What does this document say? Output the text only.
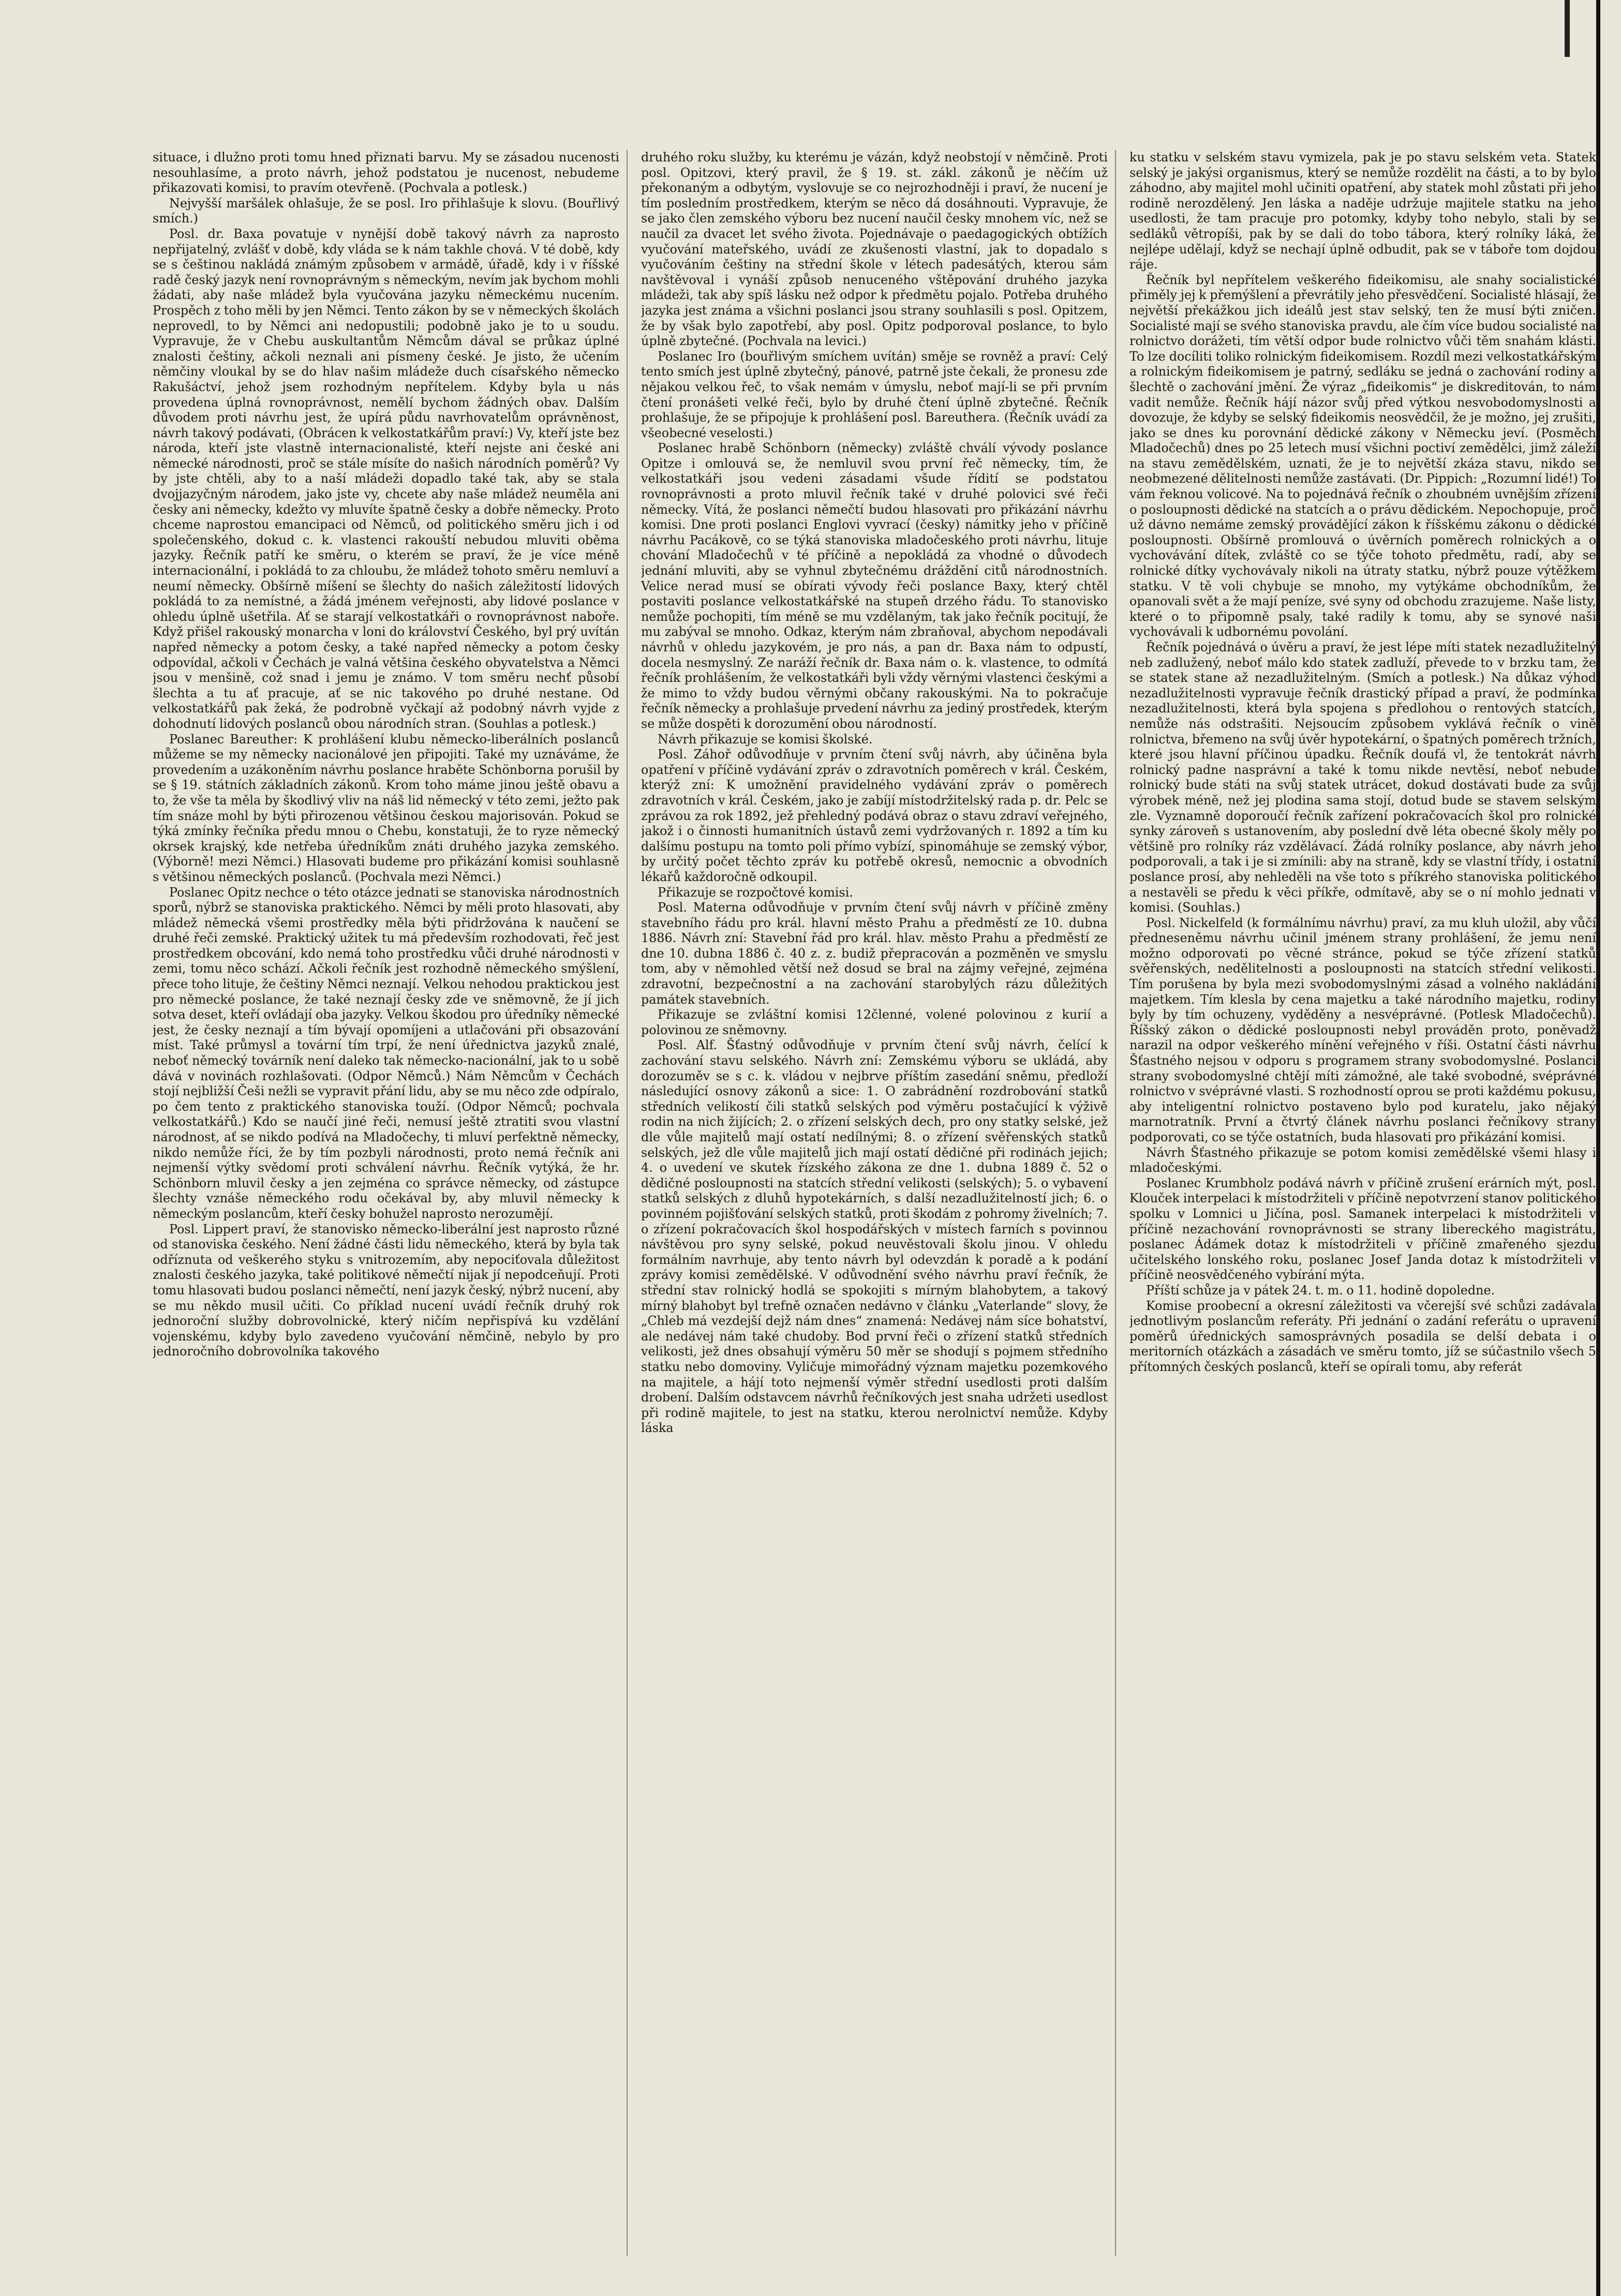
situace, i dlužno proti tomu hned přiznati barvu. My se zásadou nucenosti nesouhlasíme, a proto návrh, jehož podstatou je nucenost, nebudeme přikazovati komisi, to pravím otevřeně. (Pochvala a potlesk.)

Nejvyšší maršálek ohlašuje, že se posl. Iro přihlašuje k slovu. (Bouřlivý smích.)

Posl. dr. Baxa povatuje v nynější době takový návrh za naprosto nepřijatelný, zvlášť v době, kdy vláda se k nám takhle chová. V té době, kdy se s češtinou nakládá známým způsobem v armádě, úřadě, kdy i v říšské radě český jazyk není rovnoprávným s německým, nevím jak bychom mohli žádati, aby naše mládež byla vyučována jazyku německému nucením. Prospěch z toho měli by jen Němci. Tento zákon by se v německých školách neprovedl, to by Němci ani nedopustili; podobně jako je to u soudu. Vypravuje, že v Chebu auskultantům Němcům dával se průkaz úplné znalosti češtiny, ačkoli neznali ani písmeny české. Je jisto, že učením němčiny vloukal by se do hlav našim mládeže duch císařského německo Rakušáctví, jehož jsem rozhodným nepřítelem. Kdyby byla u nás provedena úplná rovnoprávnost, nemělí bychom žádných obav. Dalším důvodem proti návrhu jest, že upírá půdu navrhovatelům oprávněnost, návrh takový podávati, (Obrácen k velkostatkářům praví:) Vy, kteří jste bez národa, kteří jste vlastně internacionalisté, kteří nejste ani české ani německé národnosti, proč se stále mísíte do našich národních poměrů? Vy by jste chtěli, aby to a naší mládeži dopadlo také tak, aby se stala dvojjazyčným národem, jako jste vy, chcete aby naše mládež neuměla ani česky ani německy, kdežto vy mluvíte špatně česky a dobře německy. Proto chceme naprostou emancipaci od Němců, od politického směru jich i od společenského, dokud c. k. vlastenci rakouští nebudou mluviti oběma jazyky. Řečník patří ke směru, o kterém se praví, že je více méně internacionální, i pokládá to za chloubu, že mládež tohoto směru nemluví a neumí německy. Obšírně míšení se šlechty do našich záležitostí lidových pokládá to za nemístné, a žádá jménem veřejnosti, aby lidové poslance v ohledu úplně ušetřila. Ať se starají velkostatkáři o rovnoprávnost naboře. Když přišel rakouský monarcha v loni do království Českého, byl prý uvítán napřed německy a potom česky, a také napřed německy a potom česky odpovídal, ačkoli v Čechách je valná většina českého obyvatelstva a Němci jsou v menšině, což snad i jemu je známo. V tom směru nechť působí šlechta a tu ať pracuje, ať se nic takového po druhé nestane. Od velkostatkářů pak žeká, že podrobně vyčkají až podobný návrh vyjde z dohodnutí lidových poslanců obou národních stran. (Souhlas a potlesk.)

Poslanec Bareuther: K prohlášení klubu německo-liberálních poslanců můžeme se my německy nacionálové jen připojiti. Také my uznáváme, že provedením a uzákoněním návrhu poslance hraběte Schönborna porušil by se § 19. státních základních zákonů. Krom toho máme jinou ještě obavu a to, že vše ta měla by škodlivý vliv na náš lid německý v této zemi, ježto pak tím snáze mohl by býti přirozenou většinou českou majorisován. Pokud se týká zmínky řečníka předu mnou o Chebu, konstatuji, že to ryze německý okrsek krajský, kde netřeba úředníkům znáti druhého jazyka zemského. (Výborně! mezi Němci.) Hlasovati budeme pro přikázání komisi souhlasně s většinou německých poslanců. (Pochvala mezi Němci.)

Poslanec Opitz nechce o této otázce jednati se stanoviska národnostních sporů, nýbrž se stanoviska praktického. Němci by měli proto hlasovati, aby mládež německá všemi prostředky měla býti přidržována k naučení se druhé řeči zemské. Praktický užitek tu má především rozhodovati, řeč jest prostředkem obcování, kdo nemá toho prostředku vůči druhé národnosti v zemi, tomu něco schází. Ačkoli řečník jest rozhodně německého smýšlení, přece toho lituje, že češtiny Němci neznají. Velkou nehodou praktickou jest pro německé poslance, že také neznají česky zde ve sněmovně, že jí jich sotva deset, kteří ovládají oba jazyky. Velkou škodou pro úředníky německé jest, že česky neznají a tím bývají opomíjeni a utlačováni při obsazování míst. Také průmysl a tovární tím trpí, že není úřednictva jazyků znalé, neboť německý továrník není daleko tak německo-nacionální, jak to u sobě dává v novinách rozhlašovati. (Odpor Němců.) Nám Němcům v Čechách stojí nejbližší Češi nežli se vypravit přání lidu, aby se mu něco zde odpíralo, po čem tento z praktického stanoviska touží. (Odpor Němců; pochvala velkostatkářů.) Kdo se naučí jiné řeči, nemusí ještě ztratiti svou vlastní národnost, ať se nikdo podívá na Mladočechy, ti mluví perfektně německy, nikdo nemůže říci, že by tím pozbyli národnosti, proto nemá řečník ani nejmenší výtky svědomí proti schválení návrhu. Řečník vytýká, že hr. Schönborn mluvil česky a jen zejména co správce německy, od zástupce šlechty vznáše německého rodu očekával by, aby mluvil německy k německým poslancům, kteří česky bohužel naprosto nerozumějí.

Posl. Lippert praví, že stanovisko německo-liberální jest naprosto různé od stanoviska českého. Není žádné části lidu německého, která by byla tak odříznuta od veškerého styku s vnitrozemím, aby nepociťovala důležitost znalosti českého jazyka, také politikové němečtí nijak jí nepodceňují. Proti tomu hlasovati budou poslanci němečtí, není jazyk český, nýbrž nucení, aby se mu někdo musil učiti. Co příklad nucení uvádí řečník druhý rok jednoroční služby dobrovolnické, který ničím nepřispívá ku vzdělání vojenskému, kdyby bylo zavedeno vyučování němčině, nebylo by pro jednoročního dobrovolníka takového

druhého roku služby, ku kterému je vázán, když neobstojí v němčině. Proti posl. Opitzovi, který pravil, že § 19. st. zákl. zákonů je něčím už překonaným a odbytým, vyslovuje se co nejrozhodněji i praví, že nucení je tím posledním prostředkem, kterým se něco dá dosáhnouti. Vypravuje, že se jako člen zemského výboru bez nucení naučil česky mnohem víc, než se naučil za dvacet let svého života. Pojednávaje o paedagogických obtížích vyučování mateřského, uvádí ze zkušenosti vlastní, jak to dopadalo s vyučováním češtiny na střední škole v létech padesátých, kterou sám navštěvoval i vynáší způsob nenuceného vštěpování druhého jazyka mládeži, tak aby spíš lásku než odpor k předmětu pojalo. Potřeba druhého jazyka jest známa a všichni poslanci jsou strany souhlasili s posl. Opitzem, že by však bylo zapotřebí, aby posl. Opitz podporoval poslance, to bylo úplně zbytečné. (Pochvala na levici.)

Poslanec Iro (bouřlivým smíchem uvítán) směje se rovněž a praví: Celý tento smích jest úplně zbytečný, pánové, patrně jste čekali, že pronesu zde nějakou velkou řeč, to však nemám v úmyslu, neboť mají-li se při prvním čtení pronášeti velké řeči, bylo by druhé čtení úplně zbytečné. Řečník prohlašuje, že se připojuje k prohlášení posl. Bareuthera. (Řečník uvádí za všeobecné veselosti.)

Poslanec hrabě Schönborn (německy) zvláště chválí vývody poslance Opitze i omlouvá se, že nemluvil svou první řeč německy, tím, že velkostatkáři jsou vedeni zásadami všude řídití se podstatou rovnoprávnosti a proto mluvil řečník také v druhé polovici své řeči německy. Vítá, že poslanci němečtí budou hlasovati pro přikázání návrhu komisi. Dne proti poslanci Englovi vyvrací (česky) námitky jeho v příčině návrhu Pacákově, co se týká stanoviska mladočeského proti návrhu, lituje chování Mladočechů v té příčině a nepokládá za vhodné o důvodech jednání mluviti, aby se vyhnul zbytečnému dráždění citů národnostních. Velice nerad musí se obírati vývody řeči poslance Baxy, který chtěl postaviti poslance velkostatkářské na stupeň drzého řádu. To stanovisko nemůže pochopiti, tím méně se mu vzdělaným, tak jako řečník pocitují, že mu zabýval se mnoho. Odkaz, kterým nám zbraňoval, abychom nepodávali návrhů v ohledu jazykovém, je pro nás, a pan dr. Baxa nám to odpustí, docela nesmyslný. Ze naráží řečník dr. Baxa nám o. k. vlastence, to odmítá řečník prohlášením, že velkostatkáři byli vždy věrnými vlastenci českými a že mimo to vždy budou věrnými občany rakouskými. Na to pokračuje řečník německy a prohlašuje prvedení návrhu za jediný prostředek, kterým se může dospěti k dorozumění obou národností.

Návrh přikazuje se komisi školské.

Posl. Záhoř odůvodňuje v prvním čtení svůj návrh, aby účiněna byla opatření v příčině vydávání zpráv o zdravotních poměrech v král. Českém, kterýž zní: K umožnění pravidelného vydávání zpráv o poměrech zdravotních v král. Českém, jako je zabíjí místodržitelský rada p. dr. Pelc se zprávou za rok 1892, jež přehledný podává obraz o stavu zdraví veřejného, jakož i o činnosti humanitních ústavů zemi vydržovaných r. 1892 a tím ku dalšímu postupu na tomto poli přímo vybízí, spinomáhuje se zemský výbor, by určitý počet těchto zpráv ku potřebě okresů, nemocnic a obvodních lékařů každoročně odkoupil.

Přikazuje se rozpočtové komisi.

Posl. Materna odůvodňuje v prvním čtení svůj návrh v příčině změny stavebního řádu pro král. hlavní město Prahu a předměstí ze 10. dubna 1886. Návrh zní: Stavební řád pro král. hlav. město Prahu a předměstí ze dne 10. dubna 1886 č. 40 z. z. budiž přepracován a pozměněn ve smyslu tom, aby v němohled větší než dosud se bral na zájmy veřejné, zejména zdravotní, bezpečnostní a na zachování starobylých rázu důležitých památek stavebních.

Přikazuje se zvláštní komisi 12členné, volené polovinou z kurií a polovinou ze sněmovny.

Posl. Alf. Šťastný odůvodňuje v prvním čtení svůj návrh, čelící k zachování stavu selského. Návrh zní: Zemskému výboru se ukládá, aby dorozuměv se s c. k. vládou v nejbrve příštím zasedání sněmu, předloží následující osnovy zákonů a sice: 1. O zabrádnění rozdrobování statků středních velikostí čili statků selských pod výměru postačující k výživě rodin na nich žijících; 2. o zřízení selských dech, pro ony statky selské, jež dle vůle majitelů mají ostatí nedílnými; 8. o zřízení svěřenských statků selských, jež dle vůle majitelů jich mají ostatí dědičné při rodinách jejich; 4. o uvedení ve skutek řízského zákona ze dne 1. dubna 1889 č. 52 o dědičné posloupnosti na statcích střední velikosti (selských); 5. o vybavení statků selských z dluhů hypotekárních, s další nezadlužitelností jich; 6. o povinném pojišťování selských statků, proti škodám z pohromy živelních; 7. o zřízení pokračovacích škol hospodářských v místech farních s povinnou návštěvou pro syny selské, pokud neuvěstovali školu jinou. V ohledu formálním navrhuje, aby tento návrh byl odevzdán k poradě a k podání zprávy komisi zemědělské. V odůvodnění svého návrhu praví řečník, že střední stav rolnický hodlá se spokojiti s mírným blahobytem, a takový mírný blahobyt byl trefně označen nedávno v článku „Vaterlande“ slovy, že „Chleb má vezdejší dejž nám dnes“ znamená: Nedávej nám síce bohatství, ale nedávej nám také chudoby. Bod první řeči o zřízení statků středních velikosti, jež dnes obsahují výměru 50 měr se shodují s pojmem středního statku nebo domoviny. Vyličuje mimořádný význam majetku pozemkového na majitele, a hájí toto nejmenší výměr střední usedlosti proti dalším drobení. Dalším odstavcem návrhů řečníkových jest snaha udržeti usedlost při rodině majitele, to jest na statku, kterou nerolnictví nemůže. Kdyby láska

ku statku v selském stavu vymizela, pak je po stavu selském veta. Statek selský je jakýsi organismus, který se nemůže rozdělit na části, a to by bylo záhodno, aby majitel mohl učiniti opatření, aby statek mohl zůstati při jeho rodině nerozdělený. Jen láska a naděje udržuje majitele statku na jeho usedlosti, že tam pracuje pro potomky, kdyby toho nebylo, stali by se sedláků větropíši, pak by se dali do tobo tábora, který rolníky láká, že nejlépe udělají, když se nechají úplně odbudit, pak se v táboře tom dojdou ráje.

Řečník byl nepřítelem veškerého fideikomisu, ale snahy socialistické přiměly jej k přemýšlení a převrátily jeho přesvědčení. Socialisté hlásají, že největší překážkou jich ideálů jest stav selský, ten že musí býti zničen. Socialisté mají se svého stanoviska pravdu, ale čím více budou socialisté na rolnictvo dorážeti, tím větší odpor bude rolnictvo vůči těm snahám klásti. To lze docíliti toliko rolnickým fideikomisem. Rozdíl mezi velkostatkářským a rolnickým fideikomisem je patrný, sedláku se jedná o zachování rodiny a šlechtě o zachování jmění. Že výraz „fideikomis“ je diskreditován, to nám vadit nemůže. Řečník hájí názor svůj před výtkou nesvobodomyslnosti a dovozuje, že kdyby se selský fideikomis neosvědčil, že je možno, jej zrušiti, jako se dnes ku porovnání dědické zákony v Německu jeví. (Posměch Mladočechů) dnes po 25 letech musí všichni poctiví zemědělci, jimž záleží na stavu zemědělském, uznati, že je to největší zkáza stavu, nikdo se neobmezené dělitelnosti nemůže zastávati. (Dr. Pippich: „Rozumní lidé!) To vám řeknou volicové. Na to pojednává řečník o zhoubném uvnějším zřízení o posloupnosti dědické na statcích a o právu dědickém. Nepochopuje, proč už dávno nemáme zemský provádějící zákon k říšskému zákonu o dědické posloupnosti. Obšírně promlouvá o úvěrních poměrech rolnických a o vychovávání dítek, zvláště co se týče tohoto předmětu, radí, aby se rolnické dítky vychovávaly nikoli na útraty statku, nýbrž pouze výtěžkem statku. V tě voli chybuje se mnoho, my vytýkáme obchodníkům, že opanovali svět a že mají peníze, své syny od obchodu zrazujeme. Naše listy, které o to připomně psaly, také radily k tomu, aby se synové naši vychovávali k udbornému povolání.

Řečník pojednává o úvěru a praví, že jest lépe míti statek nezadlužitelný neb zadlužený, neboť málo kdo statek zadluží, převede to v brzku tam, že se statek stane až nezadlužitelným. (Smích a potlesk.) Na důkaz výhod nezadlužitelnosti vypravuje řečník drastický případ a praví, že podmínka nezadlužitelnosti, která byla spojena s předlohou o rentových statcích, nemůže nás odstrašiti. Nejsoucím způsobem vyklává řečník o vině rolnictva, břemeno na svůj úvěr hypotekární, o špatných poměrech tržních, které jsou hlavní příčinou úpadku. Řečník doufá vl, že tentokrát návrh rolnický padne nasprávní a také k tomu nikde nevtěsí, neboť nebude rolnický bude státi na svůj statek utrácet, dokud dostávati bude za svůj výrobek méně, než jej plodina sama stojí, dotud bude se stavem selským zle. Vyznamně doporoučí řečník zařízení pokračovacích škol pro rolnické synky zároveň s ustanovením, aby poslední dvě léta obecné školy měly po většině pro rolníky ráz vzdělávací. Žádá rolníky poslance, aby návrh jeho podporovali, a tak i je si zmínili: aby na straně, kdy se vlastní třídy, i ostatní poslance prosí, aby nehleděli na vše toto s příkrého stanoviska politického a nestavěli se předu k věci příkře, odmítavě, aby se o ní mohlo jednati v komisi. (Souhlas.)

Posl. Nickelfeld (k formálnímu návrhu) praví, za mu kluh uložil, aby vůčí předneseněmu návrhu učinil jménem strany prohlášení, že jemu není možno odporovati po věcné stránce, pokud se týče zřízení statků svěřenských, nedělitelnosti a posloupnosti na statcích střední velikosti. Tím porušena by byla mezi svobodomyslnými zásad a volného nakládání majetkem. Tím klesla by cena majetku a také národního majetku, rodiny byly by tím ochuzeny, vyděděny a nesvéprávné. (Potlesk Mladočechů). Říšský zákon o dědické posloupnosti nebyl prováděn proto, poněvadž narazil na odpor veškerého mínění veřejného v říši. Ostatní části návrhu Šťastného nejsou v odporu s programem strany svobodomyslné. Poslanci strany svobodomyslné chtějí míti zámožné, ale také svobodné, svéprávné rolnictvo v svéprávné vlasti. S rozhodností oprou se proti každému pokusu, aby inteligentní rolnictvo postaveno bylo pod kuratelu, jako nějaký marnotratník. První a čtvrtý článek návrhu poslanci řečníkovy strany podporovati, co se týče ostatních, buda hlasovati pro přikázání komisi.

Návrh Šťastného přikazuje se potom komisi zemědělské všemi hlasy i mladočeskými.

Poslanec Krumbholz podává návrh v příčině zrušení erárních mýt, posl. Klouček interpelaci k místodržiteli v příčině nepotvrzení stanov politického spolku v Lomnici u Jičína, posl. Samanek interpelaci k místodržiteli v příčině nezachování rovnoprávnosti se strany libereckého magistrátu, poslanec Ádámek dotaz k místodržiteli v příčině zmařeného sjezdu učitelského lonského roku, poslanec Josef Janda dotaz k místodržiteli v příčině neosvědčeného vybírání mýta.

Příští schůze ja v pátek 24. t. m. o 11. hodině dopoledne.

Komise proobecní a okresní záležitosti va včerejší své schůzi zadávala jednotlivým poslancům referáty. Při jednání o zadání referátu o upravení poměrů úřednických samosprávných posadila se delší debata i o meritorních otázkách a zásadách ve směru tomto, jíž se súčastnilo všech 5 přítomných českých poslanců, kteří se opírali tomu, aby referát
